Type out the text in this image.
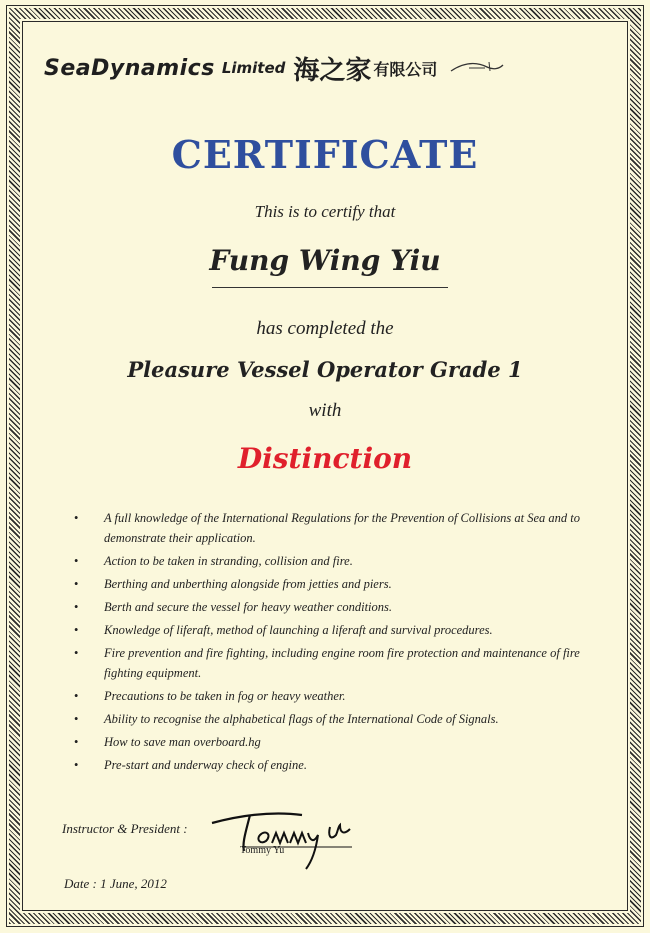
SeaDynamics Limited 海之家 有限公司
CERTIFICATE
This is to certify that
Fung Wing Yiu
has completed the
Pleasure Vessel Operator Grade 1
with
Distinction
• A full knowledge of the International Regulations for the Prevention of Collisions at Sea and to demonstrate their application.
• Action to be taken in stranding, collision and fire.
• Berthing and unberthing alongside from jetties and piers.
• Berth and secure the vessel for heavy weather conditions.
• Knowledge of liferaft, method of launching a liferaft and survival procedures.
• Fire prevention and fire fighting, including engine room fire protection and maintenance of fire fighting equipment.
• Precautions to be taken in fog or heavy weather.
• Ability to recognise the alphabetical flags of the International Code of Signals.
• How to save man overboard.hg
• Pre-start and underway check of engine.
Instructor & President :
Tommy Yu
Date : 1 June, 2012
